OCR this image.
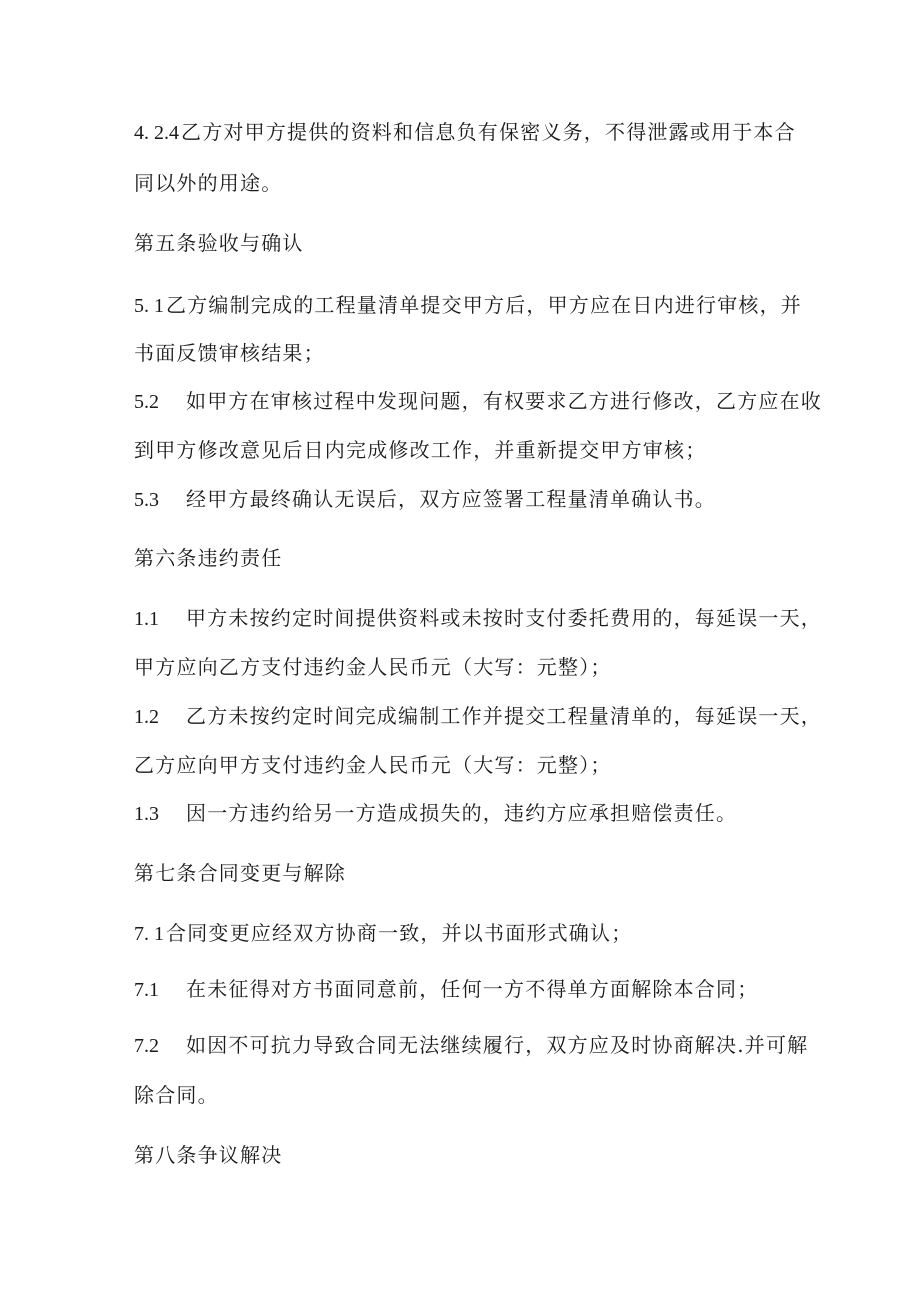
4. 2.4 乙方对甲方提供的资料和信息负有保密义务，不得泄露或用于本合
同以外的用途。
第五条验收与确认
5. 1 乙方编制完成的工程量清单提交甲方后，甲方应在日内进行审核，并
书面反馈审核结果；
5.2 如甲方在审核过程中发现问题，有权要求乙方进行修改，乙方应在收
到甲方修改意见后日内完成修改工作，并重新提交甲方审核；
5.3 经甲方最终确认无误后，双方应签署工程量清单确认书。
第六条违约责任
1.1 甲方未按约定时间提供资料或未按时支付委托费用的，每延误一天，
甲方应向乙方支付违约金人民币元（大写：元整）；
1.2 乙方未按约定时间完成编制工作并提交工程量清单的，每延误一天，
乙方应向甲方支付违约金人民币元（大写：元整）；
1.3 因一方违约给另一方造成损失的，违约方应承担赔偿责任。
第七条合同变更与解除
7. 1 合同变更应经双方协商一致，并以书面形式确认；
7.1 在未征得对方书面同意前，任何一方不得单方面解除本合同；
7.2 如因不可抗力导致合同无法继续履行，双方应及时协商解决.并可解
除合同。
第八条争议解决
